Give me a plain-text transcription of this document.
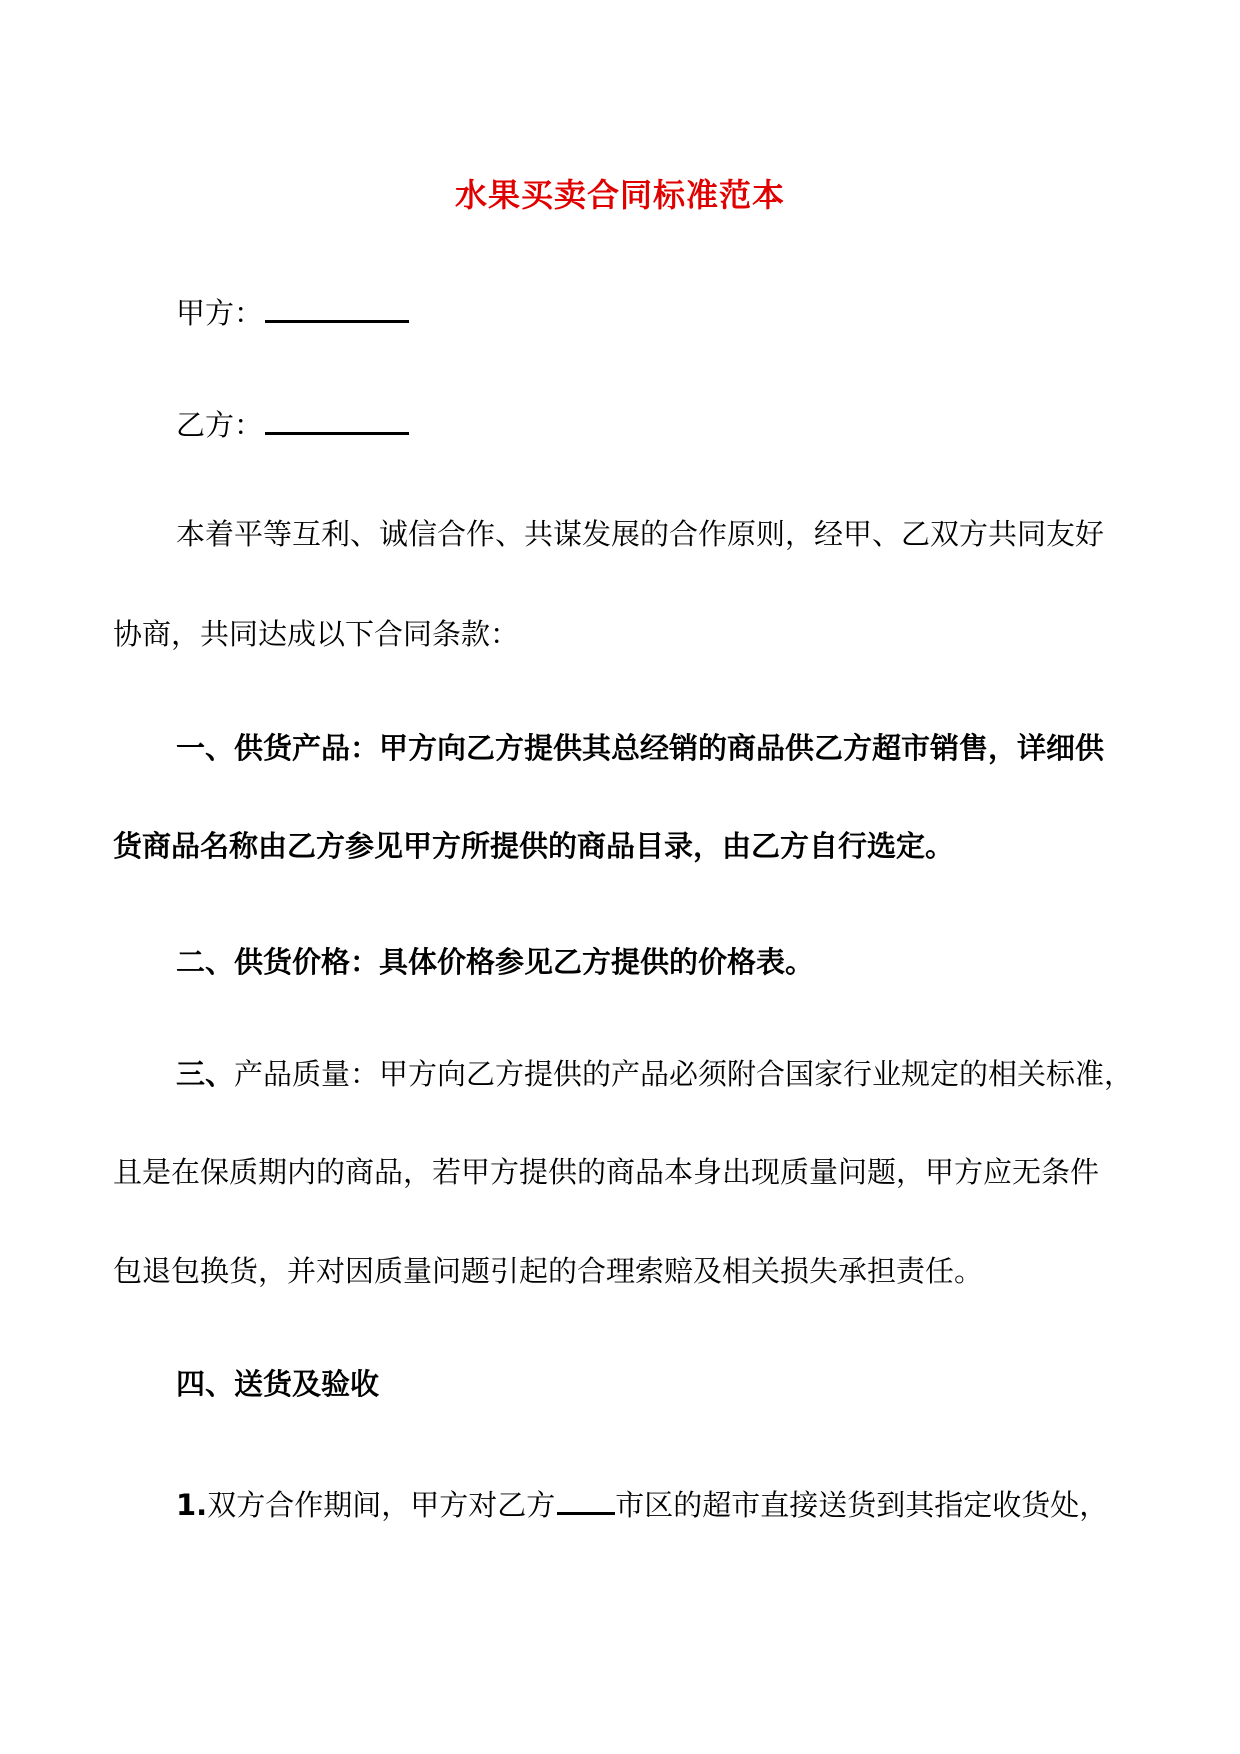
水果买卖合同标准范本
甲方：
乙方：
本着平等互利、诚信合作、共谋发展的合作原则，经甲、乙双方共同友好
协商，共同达成以下合同条款：
一、供货产品：甲方向乙方提供其总经销的商品供乙方超市销售，详细供
货商品名称由乙方参见甲方所提供的商品目录，由乙方自行选定。
二、供货价格：具体价格参见乙方提供的价格表。
三、产品质量：甲方向乙方提供的产品必须附合国家行业规定的相关标准，
且是在保质期内的商品，若甲方提供的商品本身出现质量问题，甲方应无条件
包退包换货，并对因质量问题引起的合理索赔及相关损失承担责任。
四、送货及验收
1.双方合作期间，甲方对乙方 市区的超市直接送货到其指定收货处，
